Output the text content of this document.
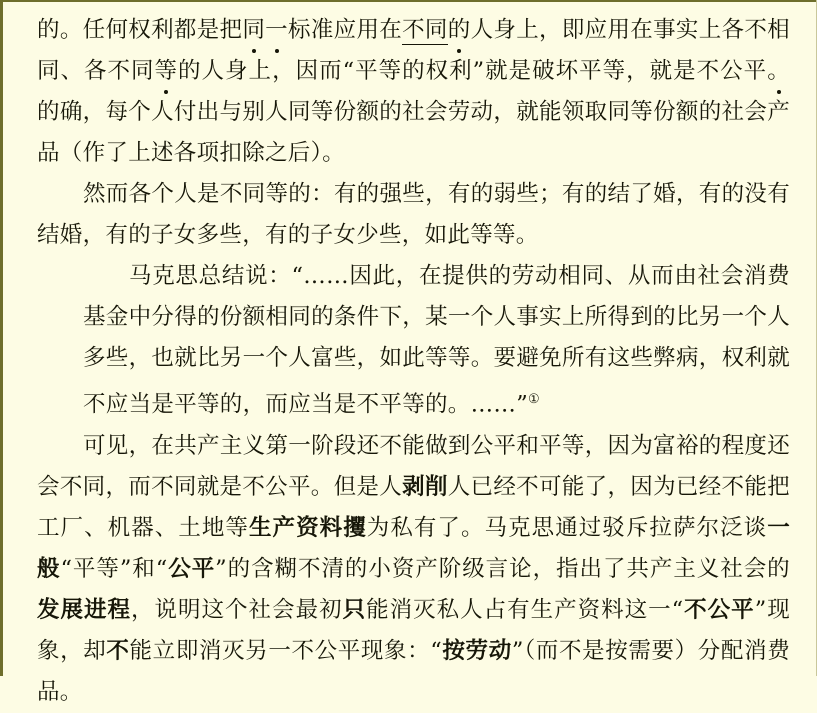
的。任何权利都是把同一标准应用在不同的人身上，即应用在事实上各不相同、各不同等的人身上，因而“平等的权利”就是破坏平等，就是不公平。的确，每个人付出与别人同等份额的社会劳动，就能领取同等份额的社会产品（作了上述各项扣除之后）。

然而各个人是不同等的：有的强些，有的弱些；有的结了婚，有的没有结婚，有的子女多些，有的子女少些，如此等等。

马克思总结说：“……因此，在提供的劳动相同、从而由社会消费基金中分得的份额相同的条件下，某一个人事实上所得到的比另一个人多些，也就比另一个人富些，如此等等。要避免所有这些弊病，权利就不应当是平等的，而应当是不平等的。……”①

可见，在共产主义第一阶段还不能做到公平和平等，因为富裕的程度还会不同，而不同就是不公平。但是人剥削人已经不可能了，因为已经不能把工厂、机器、土地等生产资料攫为私有了。马克思通过驳斥拉萨尔泛谈一般“平等”和“公平”的含糊不清的小资产阶级言论，指出了共产主义社会的发展进程，说明这个社会最初只能消灭私人占有生产资料这一“不公平”现象，却不能立即消灭另一不公平现象：“按劳动”（而不是按需要）分配消费品。
